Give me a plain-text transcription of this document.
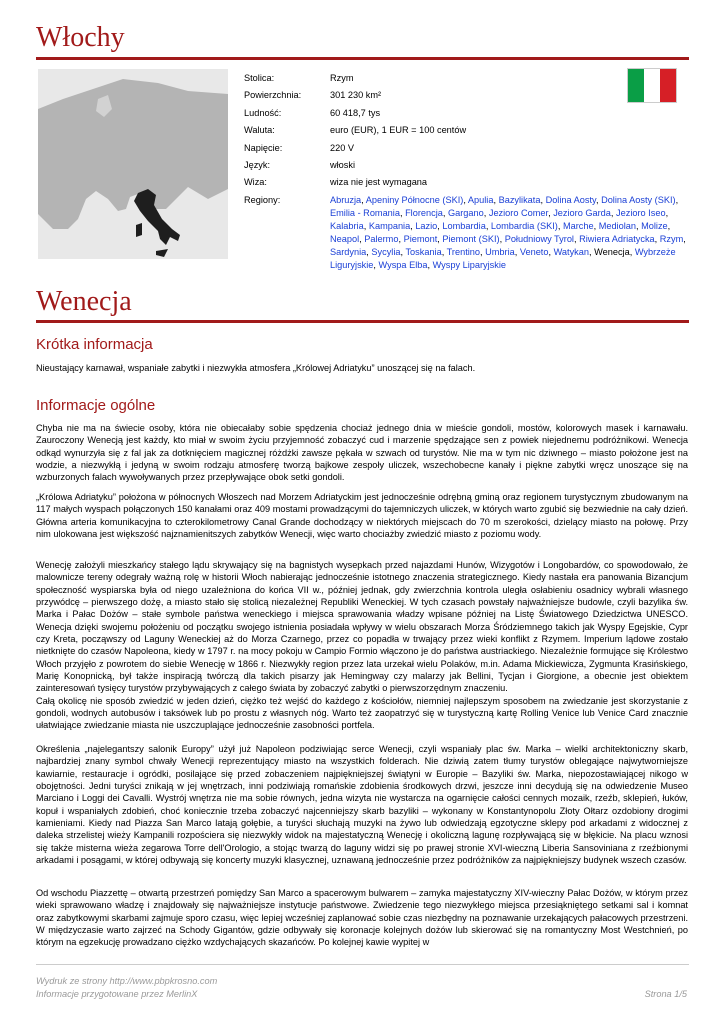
Włochy
Stolica:	Rzym
Powierzchnia:	301 230 km²
Ludność:	60 418,7 tys
Waluta:	euro (EUR), 1 EUR = 100 centów
Napięcie:	220 V
Język:	włoski
Wiza:	wiza nie jest wymagana
Regiony:	Abruzja, Apeniny Północne (SKI), Apulia, Bazylikata, Dolina Aosty, Dolina Aosty (SKI), Emilia - Romania, Florencja, Gargano, Jezioro Comer, Jezioro Garda, Jezioro Iseo, Kalabria, Kampania, Lazio, Lombardia, Lombardia (SKI), Marche, Mediolan, Molize, Neapol, Palermo, Piemont, Piemont (SKI), Południowy Tyrol, Riwiera Adriatycka, Rzym, Sardynia, Sycylia, Toskania, Trentino, Umbria, Veneto, Watykan, Wenecja, Wybrzeże Liguryjskie, Wyspa Elba, Wyspy Liparyjskie
Wenecja
Krótka informacja
Nieustający karnawał, wspaniałe zabytki i niezwykła atmosfera „Królowej Adriatyku” unoszącej się na falach.
Informacje ogólne
Chyba nie ma na świecie osoby, która nie obiecałaby sobie spędzenia chociaż jednego dnia w mieście gondoli, mostów, kolorowych masek i karnawału. Zauroczony Wenecją jest każdy, kto miał w swoim życiu przyjemność zobaczyć cud i marzenie spędzające sen z powiek niejednemu podróżnikowi. Wenecja odkąd wynurzyła się z fal jak za dotknięciem magicznej różdżki zawsze pękała w szwach od turystów. Nie ma w tym nic dziwnego – miasto położone jest na wodzie, a niezwykłą i jedyną w swoim rodzaju atmosferę tworzą bajkowe zespoły uliczek, wszechobecne kanały i piękne zabytki wręcz unoszące się na wzburzonych falach wywoływanych przez przepływające obok setki gondoli.
„Królowa Adriatyku” położona w północnych Włoszech nad Morzem Adriatyckim jest jednocześnie odrębną gminą oraz regionem turystycznym zbudowanym na 117 małych wyspach połączonych 150 kanałami oraz 409 mostami prowadzącymi do tajemniczych uliczek, w których warto zgubić się bezwiednie na cały dzień. Główna arteria komunikacyjna to czterokilometrowy Canal Grande dochodzący w niektórych miejscach do 70 m szerokości, dzielący miasto na połowę. Przy nim ulokowana jest większość najznamienitszych zabytków Wenecji, więc warto chociażby zwiedzić miasto z poziomu wody.
Wenecję założyli mieszkańcy stałego lądu skrywający się na bagnistych wysepkach przed najazdami Hunów, Wizygotów i Longobardów, co spowodowało, że malownicze tereny odegrały ważną rolę w historii Włoch nabierając jednocześnie istotnego znaczenia strategicznego. Kiedy nastała era panowania Bizancjum społeczność wyspiarska była od niego uzależniona do końca VII w., później jednak, gdy zwierzchnia kontrola uległa osłabieniu osadnicy wybrali własnego przywódcę – pierwszego dożę, a miasto stało się stolicą niezależnej Republiki Weneckiej. W tych czasach powstały najważniejsze budowle, czyli bazylika św. Marka i Pałac Dożów – stałe symbole państwa weneckiego i miejsca sprawowania władzy wpisane później na Listę Światowego Dziedzictwa UNESCO. Wenecja dzięki swojemu położeniu od początku swojego istnienia posiadała wpływy w wielu obszarach Morza Śródziemnego takich jak Wyspy Egejskie, Cypr czy Kreta, począwszy od Laguny Weneckiej aż do Morza Czarnego, przez co popadła w trwający przez wieki konflikt z Rzymem. Imperium lądowe zostało nietknięte do czasów Napoleona, kiedy w 1797 r. na mocy pokoju w Campio Formio włączono je do państwa austriackiego. Niezależnie formujące się Królestwo Włoch przyjęło z powrotem do siebie Wenecję w 1866 r. Niezwykły region przez lata urzekał wielu Polaków, m.in. Adama Mickiewicza, Zygmunta Krasińskiego, Marię Konopnicką, był także inspiracją twórczą dla takich pisarzy jak Hemingway czy malarzy jak Bellini, Tycjan i Giorgione, a obecnie jest obiektem zainteresowań tysięcy turystów przybywających z całego świata by zobaczyć zabytki o pierwszorzędnym znaczeniu.
Całą okolicę nie sposób zwiedzić w jeden dzień, ciężko też wejść do każdego z kościołów, niemniej najlepszym sposobem na zwiedzanie jest skorzystanie z gondoli, wodnych autobusów i taksówek lub po prostu z własnych nóg. Warto też zaopatrzyć się w turystyczną kartę Rolling Venice lub Venice Card znacznie ułatwiające zwiedzanie miasta nie uszczuplające jednocześnie zasobności portfela.
Określenia „najelegantszy salonik Europy” użył już Napoleon podziwiając serce Wenecji, czyli wspaniały plac św. Marka – wielki architektoniczny skarb, najbardziej znany symbol chwały Wenecji reprezentujący miasto na wszystkich folderach. Nie dziwią zatem tłumy turystów oblegające najwytworniejsze kawiarnie, restauracje i ogródki, posilające się przed zobaczeniem najpiękniejszej świątyni w Europie – Bazyliki św. Marka, niepozostawiającej nikogo w obojętności. Jedni turyści znikają w jej wnętrzach, inni podziwiają romańskie zdobienia środkowych drzwi, jeszcze inni decydują się na odwiedzenie Museo Marciano i Loggi dei Cavalli. Wystrój wnętrza nie ma sobie równych, jedna wizyta nie wystarcza na ogarnięcie całości cennych mozaik, rzeźb, sklepień, łuków, kopuł i wspaniałych zdobień, choć koniecznie trzeba zobaczyć najcenniejszy skarb bazyliki – wykonany w Konstantynopolu Złoty Ołtarz ozdobiony drogimi kamieniami. Kiedy nad Piazza San Marco latają gołębie, a turyści słuchają muzyki na żywo lub odwiedzają egzotyczne sklepy pod arkadami z widocznej z daleka strzelistej wieży Kampanili rozpościera się niezwykły widok na majestatyczną Wenecję i okoliczną lagunę rozpływającą się w błękicie. Na placu wznosi się także misterna wieża zegarowa Torre dell'Orologio, a stojąc twarzą do laguny widzi się po prawej stronie XVI-wieczną Liberia Sansoviniana z rzeźbionymi arkadami i posągami, w której odbywają się koncerty muzyki klasycznej, uznawaną jednocześnie przez podróżników za najpiękniejszy budynek wszech czasów.
Od wschodu Piazzettę – otwartą przestrzeń pomiędzy San Marco a spacerowym bulwarem – zamyka majestatyczny XIV-wieczny Pałac Dożów, w którym przez wieki sprawowano władzę i znajdowały się najważniejsze instytucje państwowe. Zwiedzenie tego niezwykłego miejsca przesiąkniętego setkami sal i komnat oraz zabytkowymi skarbami zajmuje sporo czasu, więc lepiej wcześniej zaplanować sobie czas niezbędny na poznawanie urzekających pałacowych przestrzeni. W międzyczasie warto zajrzeć na Schody Gigantów, gdzie odbywały się koronacje kolejnych dożów lub skierować się na romantyczny Most Westchnień, po którym na egzekucję prowadzano ciężko wzdychających skazańców. Po kolejnej kawie wypitej w
Wydruk ze strony http://www.pbpkrosno.com
Informacje przygotowane przez MerlinX	Strona 1/5
